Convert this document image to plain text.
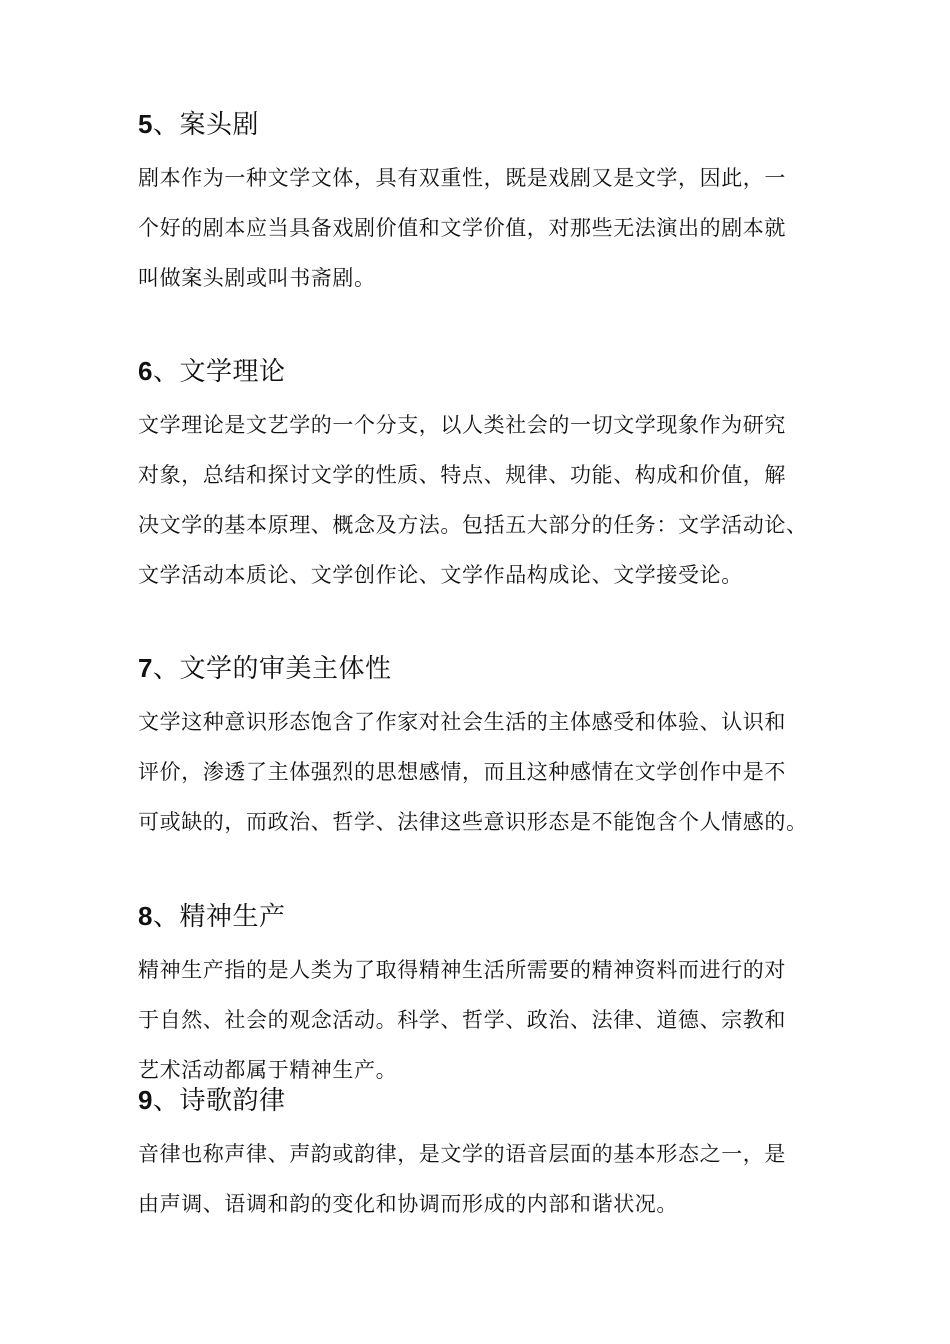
5、案头剧

剧本作为一种文学文体，具有双重性，既是戏剧又是文学，因此，一
个好的剧本应当具备戏剧价值和文学价值，对那些无法演出的剧本就
叫做案头剧或叫书斋剧。

6、文学理论

文学理论是文艺学的一个分支，以人类社会的一切文学现象作为研究
对象，总结和探讨文学的性质、特点、规律、功能、构成和价值，解
决文学的基本原理、概念及方法。包括五大部分的任务：文学活动论、
文学活动本质论、文学创作论、文学作品构成论、文学接受论。

7、文学的审美主体性

文学这种意识形态饱含了作家对社会生活的主体感受和体验、认识和
评价，渗透了主体强烈的思想感情，而且这种感情在文学创作中是不
可或缺的，而政治、哲学、法律这些意识形态是不能饱含个人情感的。

8、精神生产

精神生产指的是人类为了取得精神生活所需要的精神资料而进行的对
于自然、社会的观念活动。科学、哲学、政治、法律、道德、宗教和
艺术活动都属于精神生产。

9、诗歌韵律

音律也称声律、声韵或韵律，是文学的语音层面的基本形态之一，是
由声调、语调和韵的变化和协调而形成的内部和谐状况。
